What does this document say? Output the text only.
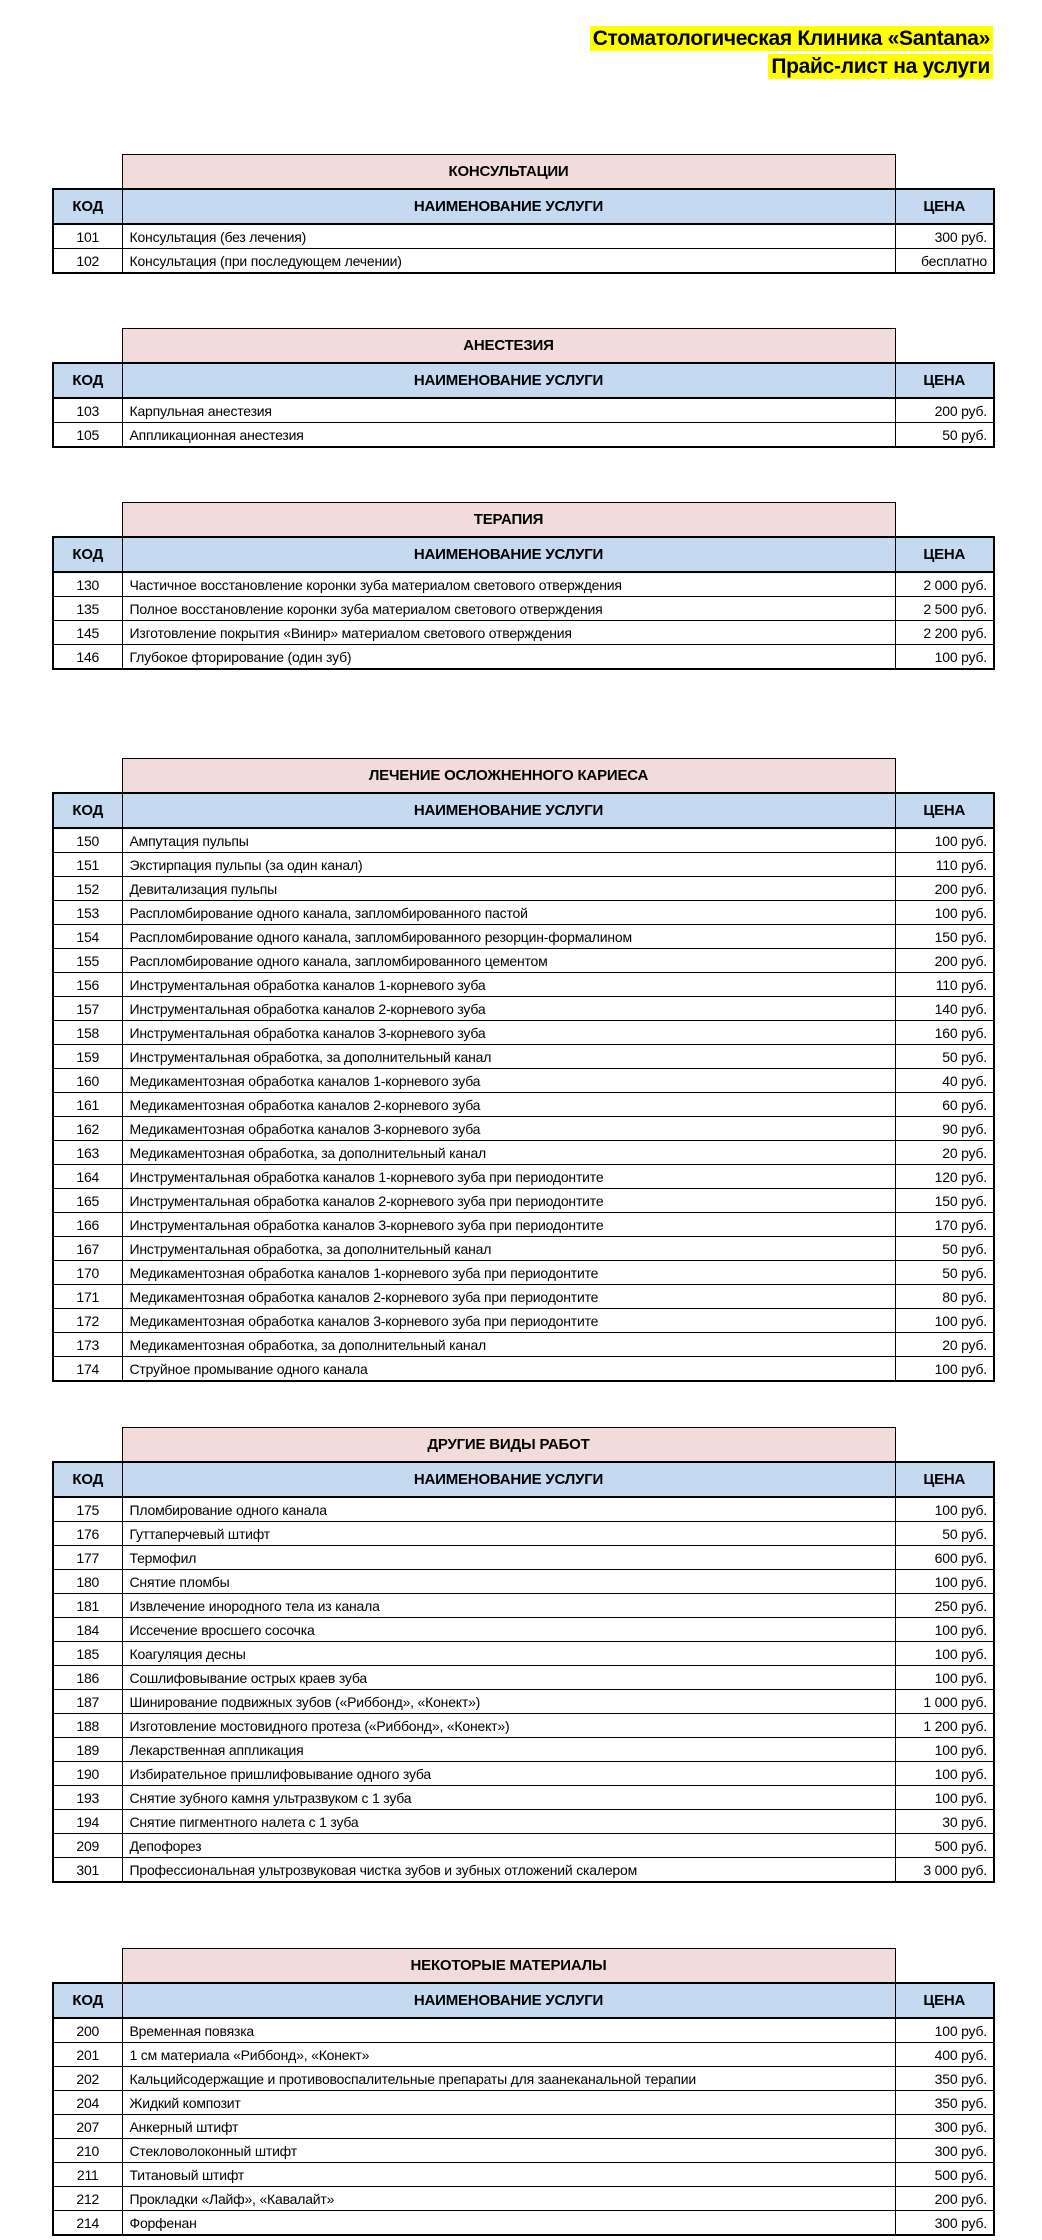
Стоматологическая Клиника «Santana»
Прайс-лист на услуги
	КОНСУЛЬТАЦИИ	
КОД	НАИМЕНОВАНИЕ УСЛУГИ	ЦЕНА
101	Консультация (без лечения)	300 руб.
102	Консультация (при последующем лечении)	бесплатно
	АНЕСТЕЗИЯ	
КОД	НАИМЕНОВАНИЕ УСЛУГИ	ЦЕНА
103	Карпульная анестезия	200 руб.
105	Аппликационная анестезия	50 руб.
	ТЕРАПИЯ	
КОД	НАИМЕНОВАНИЕ УСЛУГИ	ЦЕНА
130	Частичное восстановление коронки зуба материалом светового отверждения	2 000 руб.
135	Полное восстановление коронки зуба материалом светового отверждения	2 500 руб.
145	Изготовление покрытия «Винир» материалом светового отверждения	2 200 руб.
146	Глубокое фторирование (один зуб)	100 руб.
	ЛЕЧЕНИЕ ОСЛОЖНЕННОГО КАРИЕСА	
КОД	НАИМЕНОВАНИЕ УСЛУГИ	ЦЕНА
150	Ампутация пульпы	100 руб.
151	Экстирпация пульпы (за один канал)	110 руб.
152	Девитализация пульпы	200 руб.
153	Распломбирование одного канала, запломбированного пастой	100 руб.
154	Распломбирование одного канала, запломбированного резорцин-формалином	150 руб.
155	Распломбирование одного канала, запломбированного цементом	200 руб.
156	Инструментальная обработка каналов 1-корневого зуба	110 руб.
157	Инструментальная обработка каналов 2-корневого зуба	140 руб.
158	Инструментальная обработка каналов 3-корневого зуба	160 руб.
159	Инструментальная обработка, за дополнительный канал	50 руб.
160	Медикаментозная обработка каналов 1-корневого зуба	40 руб.
161	Медикаментозная обработка каналов 2-корневого зуба	60 руб.
162	Медикаментозная обработка каналов 3-корневого зуба	90 руб.
163	Медикаментозная обработка, за дополнительный канал	20 руб.
164	Инструментальная обработка каналов 1-корневого зуба при периодонтите	120 руб.
165	Инструментальная обработка каналов 2-корневого зуба при периодонтите	150 руб.
166	Инструментальная обработка каналов 3-корневого зуба при периодонтите	170 руб.
167	Инструментальная обработка, за дополнительный канал	50 руб.
170	Медикаментозная обработка каналов 1-корневого зуба при периодонтите	50 руб.
171	Медикаментозная обработка каналов 2-корневого зуба при периодонтите	80 руб.
172	Медикаментозная обработка каналов 3-корневого зуба при периодонтите	100 руб.
173	Медикаментозная обработка, за дополнительный канал	20 руб.
174	Струйное промывание одного канала	100 руб.
	ДРУГИЕ ВИДЫ РАБОТ	
КОД	НАИМЕНОВАНИЕ УСЛУГИ	ЦЕНА
175	Пломбирование одного канала	100 руб.
176	Гуттаперчевый штифт	50 руб.
177	Термофил	600 руб.
180	Снятие пломбы	100 руб.
181	Извлечение инородного тела из канала	250 руб.
184	Иссечение вросшего сосочка	100 руб.
185	Коагуляция десны	100 руб.
186	Сошлифовывание острых краев зуба	100 руб.
187	Шинирование подвижных зубов («Риббонд», «Конект»)	1 000 руб.
188	Изготовление мостовидного протеза («Риббонд», «Конект»)	1 200 руб.
189	Лекарственная аппликация	100 руб.
190	Избирательное пришлифовывание одного зуба	100 руб.
193	Снятие зубного камня ультразвуком с 1 зуба	100 руб.
194	Снятие пигментного налета с 1 зуба	30 руб.
209	Депофорез	500 руб.
301	Профессиональная ультрозвуковая чистка зубов и зубных отложений скалером	3 000 руб.
	НЕКОТОРЫЕ МАТЕРИАЛЫ	
КОД	НАИМЕНОВАНИЕ УСЛУГИ	ЦЕНА
200	Временная повязка	100 руб.
201	1 см материала «Риббонд», «Конект»	400 руб.
202	Кальцийсодержащие и противовоспалительные препараты для заанеканальной терапии	350 руб.
204	Жидкий композит	350 руб.
207	Анкерный штифт	300 руб.
210	Стекловолоконный штифт	300 руб.
211	Титановый штифт	500 руб.
212	Прокладки «Лайф», «Кавалайт»	200 руб.
214	Форфенан	300 руб.
